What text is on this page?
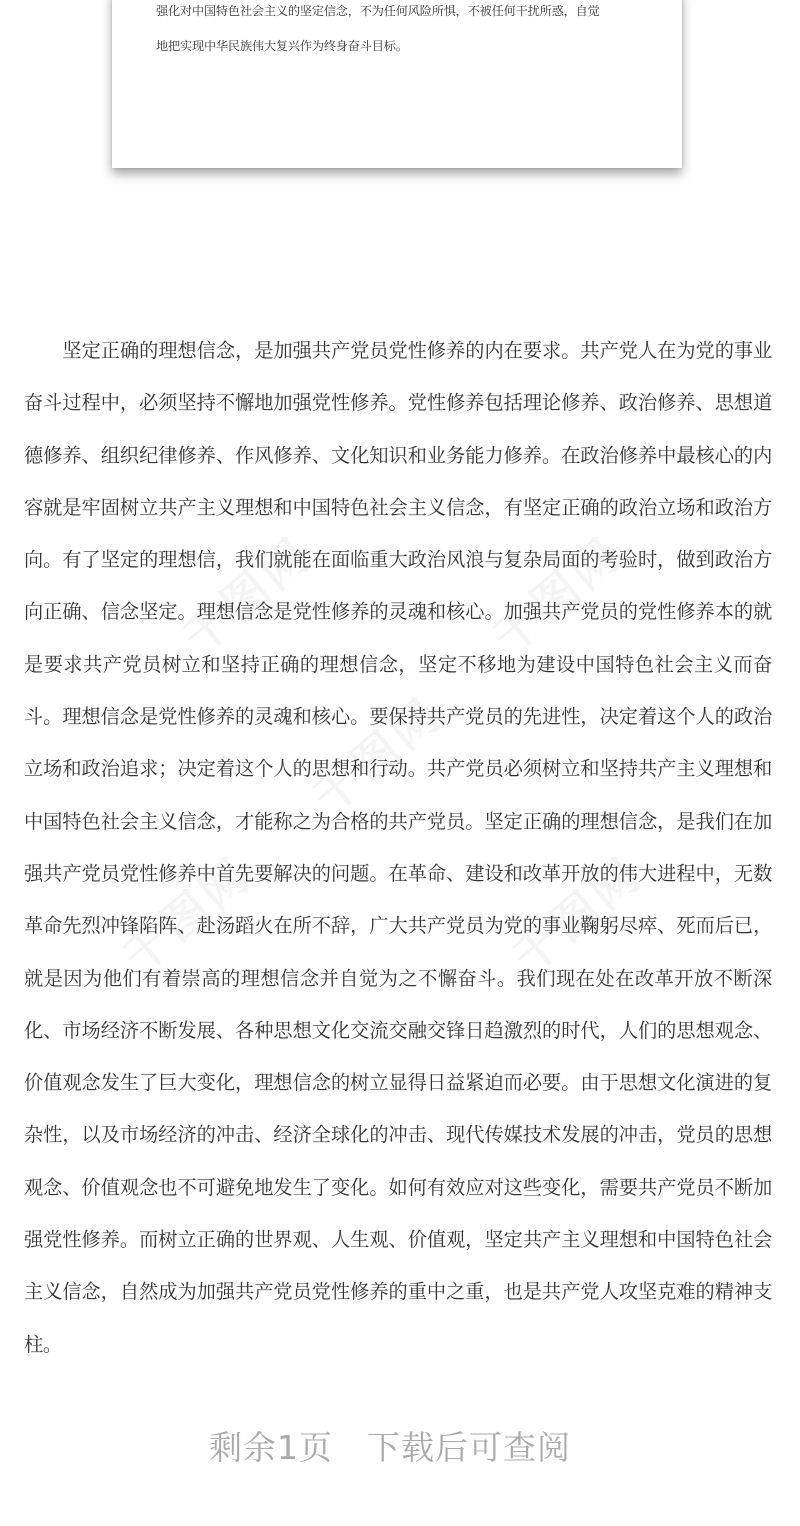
强化对中国特色社会主义的坚定信念，不为任何风险所惧，不被任何干扰所惑，自觉
地把实现中华民族伟大复兴作为终身奋斗目标。

坚定正确的理想信念，是加强共产党员党性修养的内在要求。共产党人在为党的事业奋斗过程中，必须坚持不懈地加强党性修养。党性修养包括理论修养、政治修养、思想道德修养、组织纪律修养、作风修养、文化知识和业务能力修养。在政治修养中最核心的内容就是牢固树立共产主义理想和中国特色社会主义信念，有坚定正确的政治立场和政治方向。有了坚定的理想信，我们就能在面临重大政治风浪与复杂局面的考验时，做到政治方向正确、信念坚定。理想信念是党性修养的灵魂和核心。加强共产党员的党性修养本的就是要求共产党员树立和坚持正确的理想信念，坚定不移地为建设中国特色社会主义而奋斗。理想信念是党性修养的灵魂和核心。要保持共产党员的先进性，决定着这个人的政治立场和政治追求；决定着这个人的思想和行动。共产党员必须树立和坚持共产主义理想和中国特色社会主义信念，才能称之为合格的共产党员。坚定正确的理想信念，是我们在加强共产党员党性修养中首先要解决的问题。在革命、建设和改革开放的伟大进程中，无数革命先烈冲锋陷阵、赴汤蹈火在所不辞，广大共产党员为党的事业鞠躬尽瘁、死而后已，就是因为他们有着崇高的理想信念并自觉为之不懈奋斗。我们现在处在改革开放不断深化、市场经济不断发展、各种思想文化交流交融交锋日趋激烈的时代，人们的思想观念、价值观念发生了巨大变化，理想信念的树立显得日益紧迫而必要。由于思想文化演进的复杂性，以及市场经济的冲击、经济全球化的冲击、现代传媒技术发展的冲击，党员的思想观念、价值观念也不可避免地发生了变化。如何有效应对这些变化，需要共产党员不断加强党性修养。而树立正确的世界观、人生观、价值观，坚定共产主义理想和中国特色社会主义信念，自然成为加强共产党员党性修养的重中之重，也是共产党人攻坚克难的精神支柱。

剩余1页 下载后可查阅
